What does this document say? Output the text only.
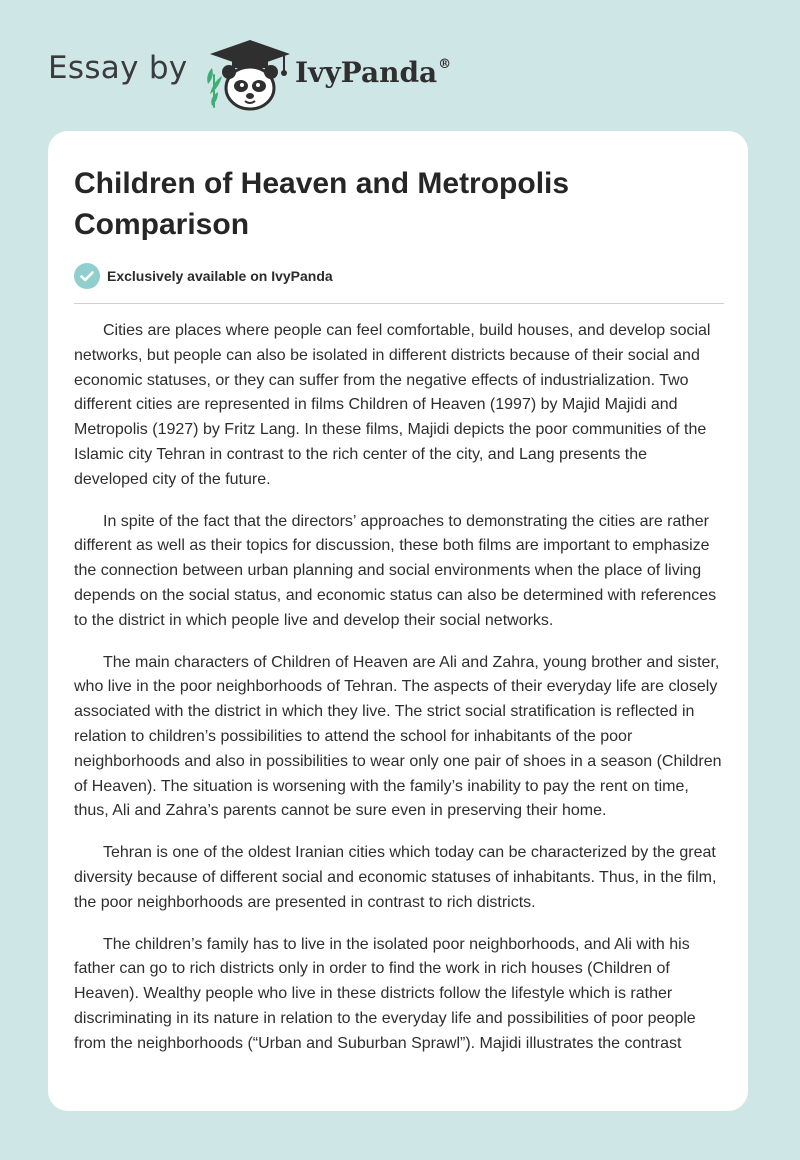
Essay by	IvyPanda®
Children of Heaven and Metropolis Comparison
Exclusively available on IvyPanda

Cities are places where people can feel comfortable, build houses, and develop social networks, but people can also be isolated in different districts because of their social and economic statuses, or they can suffer from the negative effects of industrialization. Two different cities are represented in films Children of Heaven (1997) by Majid Majidi and Metropolis (1927) by Fritz Lang. In these films, Majidi depicts the poor communities of the Islamic city Tehran in contrast to the rich center of the city, and Lang presents the developed city of the future.

In spite of the fact that the directors’ approaches to demonstrating the cities are rather different as well as their topics for discussion, these both films are important to emphasize the connection between urban planning and social environments when the place of living depends on the social status, and economic status can also be determined with references to the district in which people live and develop their social networks.

The main characters of Children of Heaven are Ali and Zahra, young brother and sister, who live in the poor neighborhoods of Tehran. The aspects of their everyday life are closely associated with the district in which they live. The strict social stratification is reflected in relation to children’s possibilities to attend the school for inhabitants of the poor neighborhoods and also in possibilities to wear only one pair of shoes in a season (Children of Heaven). The situation is worsening with the family’s inability to pay the rent on time, thus, Ali and Zahra’s parents cannot be sure even in preserving their home.

Tehran is one of the oldest Iranian cities which today can be characterized by the great diversity because of different social and economic statuses of inhabitants. Thus, in the film, the poor neighborhoods are presented in contrast to rich districts.

The children’s family has to live in the isolated poor neighborhoods, and Ali with his father can go to rich districts only in order to find the work in rich houses (Children of Heaven). Wealthy people who live in these districts follow the lifestyle which is rather discriminating in its nature in relation to the everyday life and possibilities of poor people from the neighborhoods (“Urban and Suburban Sprawl”). Majidi illustrates the contrast
